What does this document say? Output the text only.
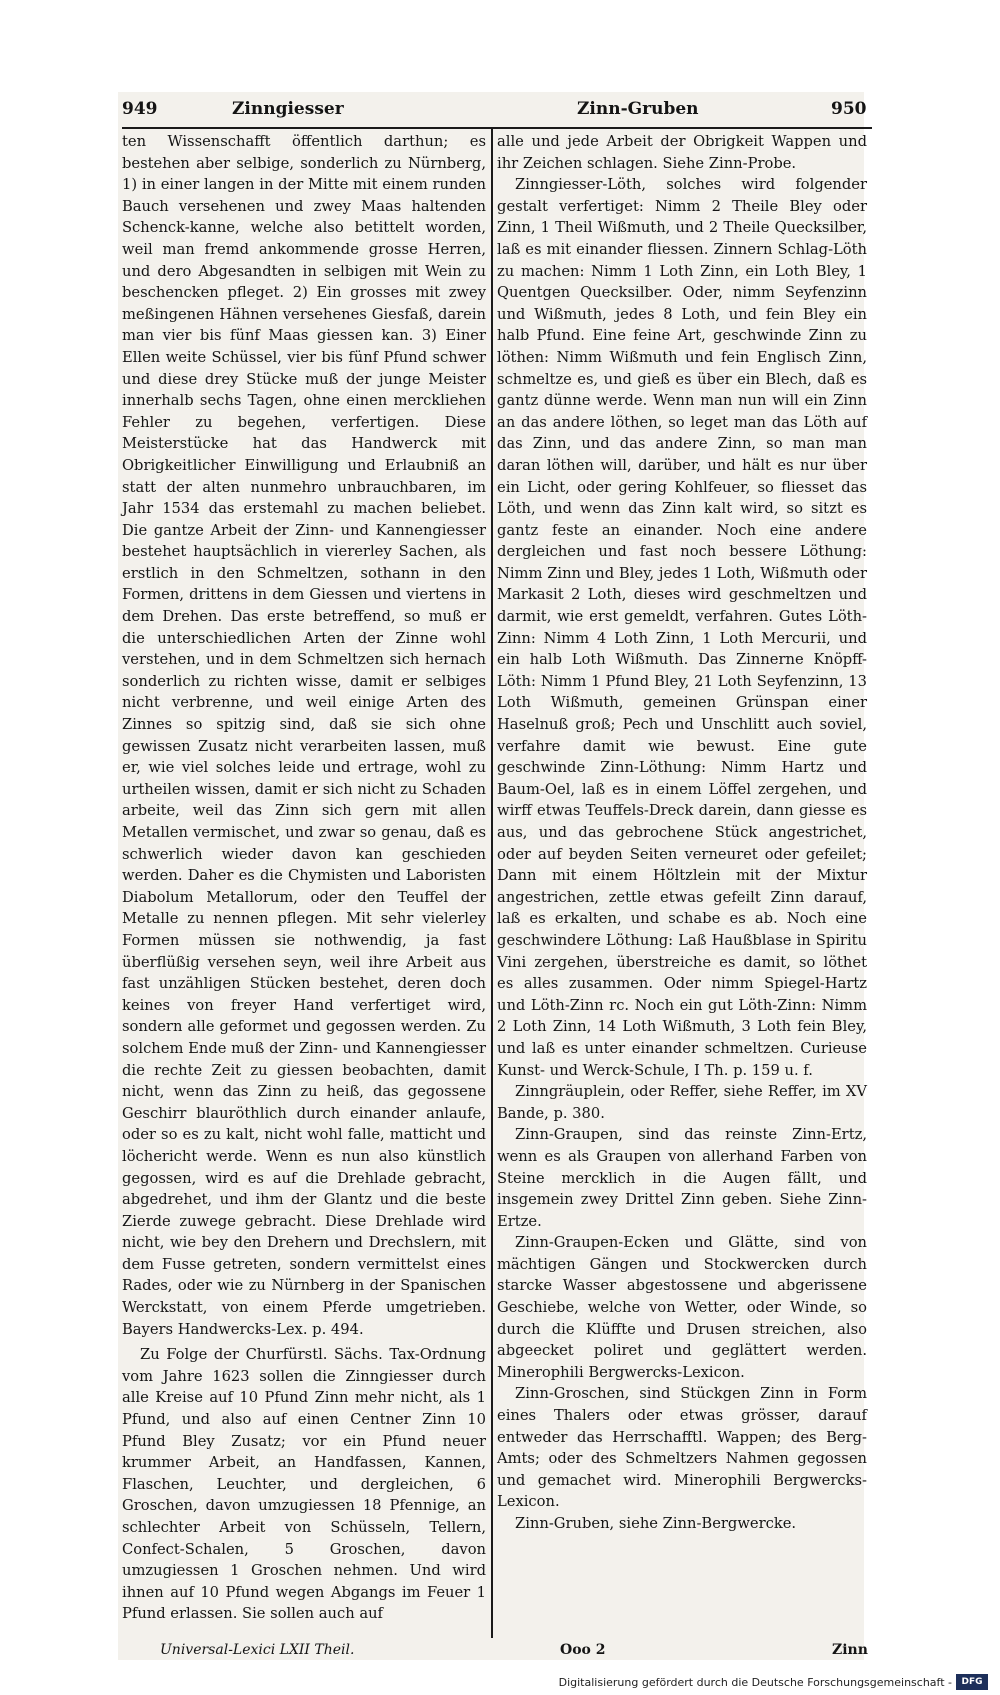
949	Zinngiesser	Zinn-Gruben	950

ten Wissenschafft öffentlich darthun; es bestehen aber selbige, sonderlich zu Nürnberg, 1) in einer langen in der Mitte mit einem runden Bauch versehenen und zwey Maas haltenden Schenck-kanne, welche also betittelt worden, weil man fremd ankommende grosse Herren, und dero Abgesandten in selbigen mit Wein zu beschencken pfleget. 2) Ein grosses mit zwey meßingenen Hähnen versehenes Giesfaß, darein man vier bis fünf Maas giessen kan. 3) Einer Ellen weite Schüssel, vier bis fünf Pfund schwer und diese drey Stücke muß der junge Meister innerhalb sechs Tagen, ohne einen merckliehen Fehler zu begehen, verfertigen. Diese Meisterstücke hat das Handwerck mit Obrigkeitlicher Einwilligung und Erlaubniß an statt der alten nunmehro unbrauchbaren, im Jahr 1534 das erstemahl zu machen beliebet. Die gantze Arbeit der Zinn- und Kannengiesser bestehet hauptsächlich in viererley Sachen, als erstlich in den Schmeltzen, sothann in den Formen, drittens in dem Giessen und viertens in dem Drehen. Das erste betreffend, so muß er die unterschiedlichen Arten der Zinne wohl verstehen, und in dem Schmeltzen sich hernach sonderlich zu richten wisse, damit er selbiges nicht verbrenne, und weil einige Arten des Zinnes so spitzig sind, daß sie sich ohne gewissen Zusatz nicht verarbeiten lassen, muß er, wie viel solches leide und ertrage, wohl zu urtheilen wissen, damit er sich nicht zu Schaden arbeite, weil das Zinn sich gern mit allen Metallen vermischet, und zwar so genau, daß es schwerlich wieder davon kan geschieden werden. Daher es die Chymisten und Laboristen Diabolum Metallorum, oder den Teuffel der Metalle zu nennen pflegen. Mit sehr vielerley Formen müssen sie nothwendig, ja fast überflüßig versehen seyn, weil ihre Arbeit aus fast unzähligen Stücken bestehet, deren doch keines von freyer Hand verfertiget wird, sondern alle geformet und gegossen werden. Zu solchem Ende muß der Zinn- und Kannengiesser die rechte Zeit zu giessen beobachten, damit nicht, wenn das Zinn zu heiß, das gegossene Geschirr blauröthlich durch einander anlaufe, oder so es zu kalt, nicht wohl falle, matticht und löchericht werde. Wenn es nun also künstlich gegossen, wird es auf die Drehlade gebracht, abgedrehet, und ihm der Glantz und die beste Zierde zuwege gebracht. Diese Drehlade wird nicht, wie bey den Drehern und Drechslern, mit dem Fusse getreten, sondern vermittelst eines Rades, oder wie zu Nürnberg in der Spanischen Werckstatt, von einem Pferde umgetrieben. Bayers Handwercks-Lex. p. 494.

Zu Folge der Churfürstl. Sächs. Tax-Ordnung vom Jahre 1623 sollen die Zinngiesser durch alle Kreise auf 10 Pfund Zinn mehr nicht, als 1 Pfund, und also auf einen Centner Zinn 10 Pfund Bley Zusatz; vor ein Pfund neuer krummer Arbeit, an Handfassen, Kannen, Flaschen, Leuchter, und dergleichen, 6 Groschen, davon umzugiessen 18 Pfennige, an schlechter Arbeit von Schüsseln, Tellern, Confect-Schalen, 5 Groschen, davon umzugiessen 1 Groschen nehmen. Und wird ihnen auf 10 Pfund wegen Abgangs im Feuer 1 Pfund erlassen. Sie sollen auch auf

alle und jede Arbeit der Obrigkeit Wappen und ihr Zeichen schlagen. Siehe Zinn-Probe.

Zinngiesser-Löth, solches wird folgender gestalt verfertiget: Nimm 2 Theile Bley oder Zinn, 1 Theil Wißmuth, und 2 Theile Quecksilber, laß es mit einander fliessen. Zinnern Schlag-Löth zu machen: Nimm 1 Loth Zinn, ein Loth Bley, 1 Quentgen Quecksilber. Oder, nimm Seyfenzinn und Wißmuth, jedes 8 Loth, und fein Bley ein halb Pfund. Eine feine Art, geschwinde Zinn zu löthen: Nimm Wißmuth und fein Englisch Zinn, schmeltze es, und gieß es über ein Blech, daß es gantz dünne werde. Wenn man nun will ein Zinn an das andere löthen, so leget man das Löth auf das Zinn, und das andere Zinn, so man man daran löthen will, darüber, und hält es nur über ein Licht, oder gering Kohlfeuer, so fliesset das Löth, und wenn das Zinn kalt wird, so sitzt es gantz feste an einander. Noch eine andere dergleichen und fast noch bessere Löthung: Nimm Zinn und Bley, jedes 1 Loth, Wißmuth oder Markasit 2 Loth, dieses wird geschmeltzen und darmit, wie erst gemeldt, verfahren. Gutes Löth-Zinn: Nimm 4 Loth Zinn, 1 Loth Mercurii, und ein halb Loth Wißmuth. Das Zinnerne Knöpff-Löth: Nimm 1 Pfund Bley, 21 Loth Seyfenzinn, 13 Loth Wißmuth, gemeinen Grünspan einer Haselnuß groß; Pech und Unschlitt auch soviel, verfahre damit wie bewust. Eine gute geschwinde Zinn-Löthung: Nimm Hartz und Baum-Oel, laß es in einem Löffel zergehen, und wirff etwas Teuffels-Dreck darein, dann giesse es aus, und das gebrochene Stück angestrichet, oder auf beyden Seiten verneuret oder gefeilet; Dann mit einem Höltzlein mit der Mixtur angestrichen, zettle etwas gefeilt Zinn darauf, laß es erkalten, und schabe es ab. Noch eine geschwindere Löthung: Laß Haußblase in Spiritu Vini zergehen, überstreiche es damit, so löthet es alles zusammen. Oder nimm Spiegel-Hartz und Löth-Zinn rc. Noch ein gut Löth-Zinn: Nimm 2 Loth Zinn, 14 Loth Wißmuth, 3 Loth fein Bley, und laß es unter einander schmeltzen. Curieuse Kunst- und Werck-Schule, I Th. p. 159 u. f.

Zinngräuplein, oder Reffer, siehe Reffer, im XV Bande, p. 380.

Zinn-Graupen, sind das reinste Zinn-Ertz, wenn es als Graupen von allerhand Farben von Steine mercklich in die Augen fällt, und insgemein zwey Drittel Zinn geben. Siehe Zinn-Ertze.

Zinn-Graupen-Ecken und Glätte, sind von mächtigen Gängen und Stockwercken durch starcke Wasser abgestossene und abgerissene Geschiebe, welche von Wetter, oder Winde, so durch die Klüffte und Drusen streichen, also abgeecket poliret und geglättert werden. Minerophili Bergwercks-Lexicon.

Zinn-Groschen, sind Stückgen Zinn in Form eines Thalers oder etwas grösser, darauf entweder das Herrschafftl. Wappen; des Berg-Amts; oder des Schmeltzers Nahmen gegossen und gemachet wird. Minerophili Bergwercks-Lexicon.

Zinn-Gruben, siehe Zinn-Bergwercke.

Universal-Lexici LXII Theil.	Ooo 2	Zinn
Digitalisierung gefördert durch die Deutsche Forschungsgemeinschaft -	DFG
